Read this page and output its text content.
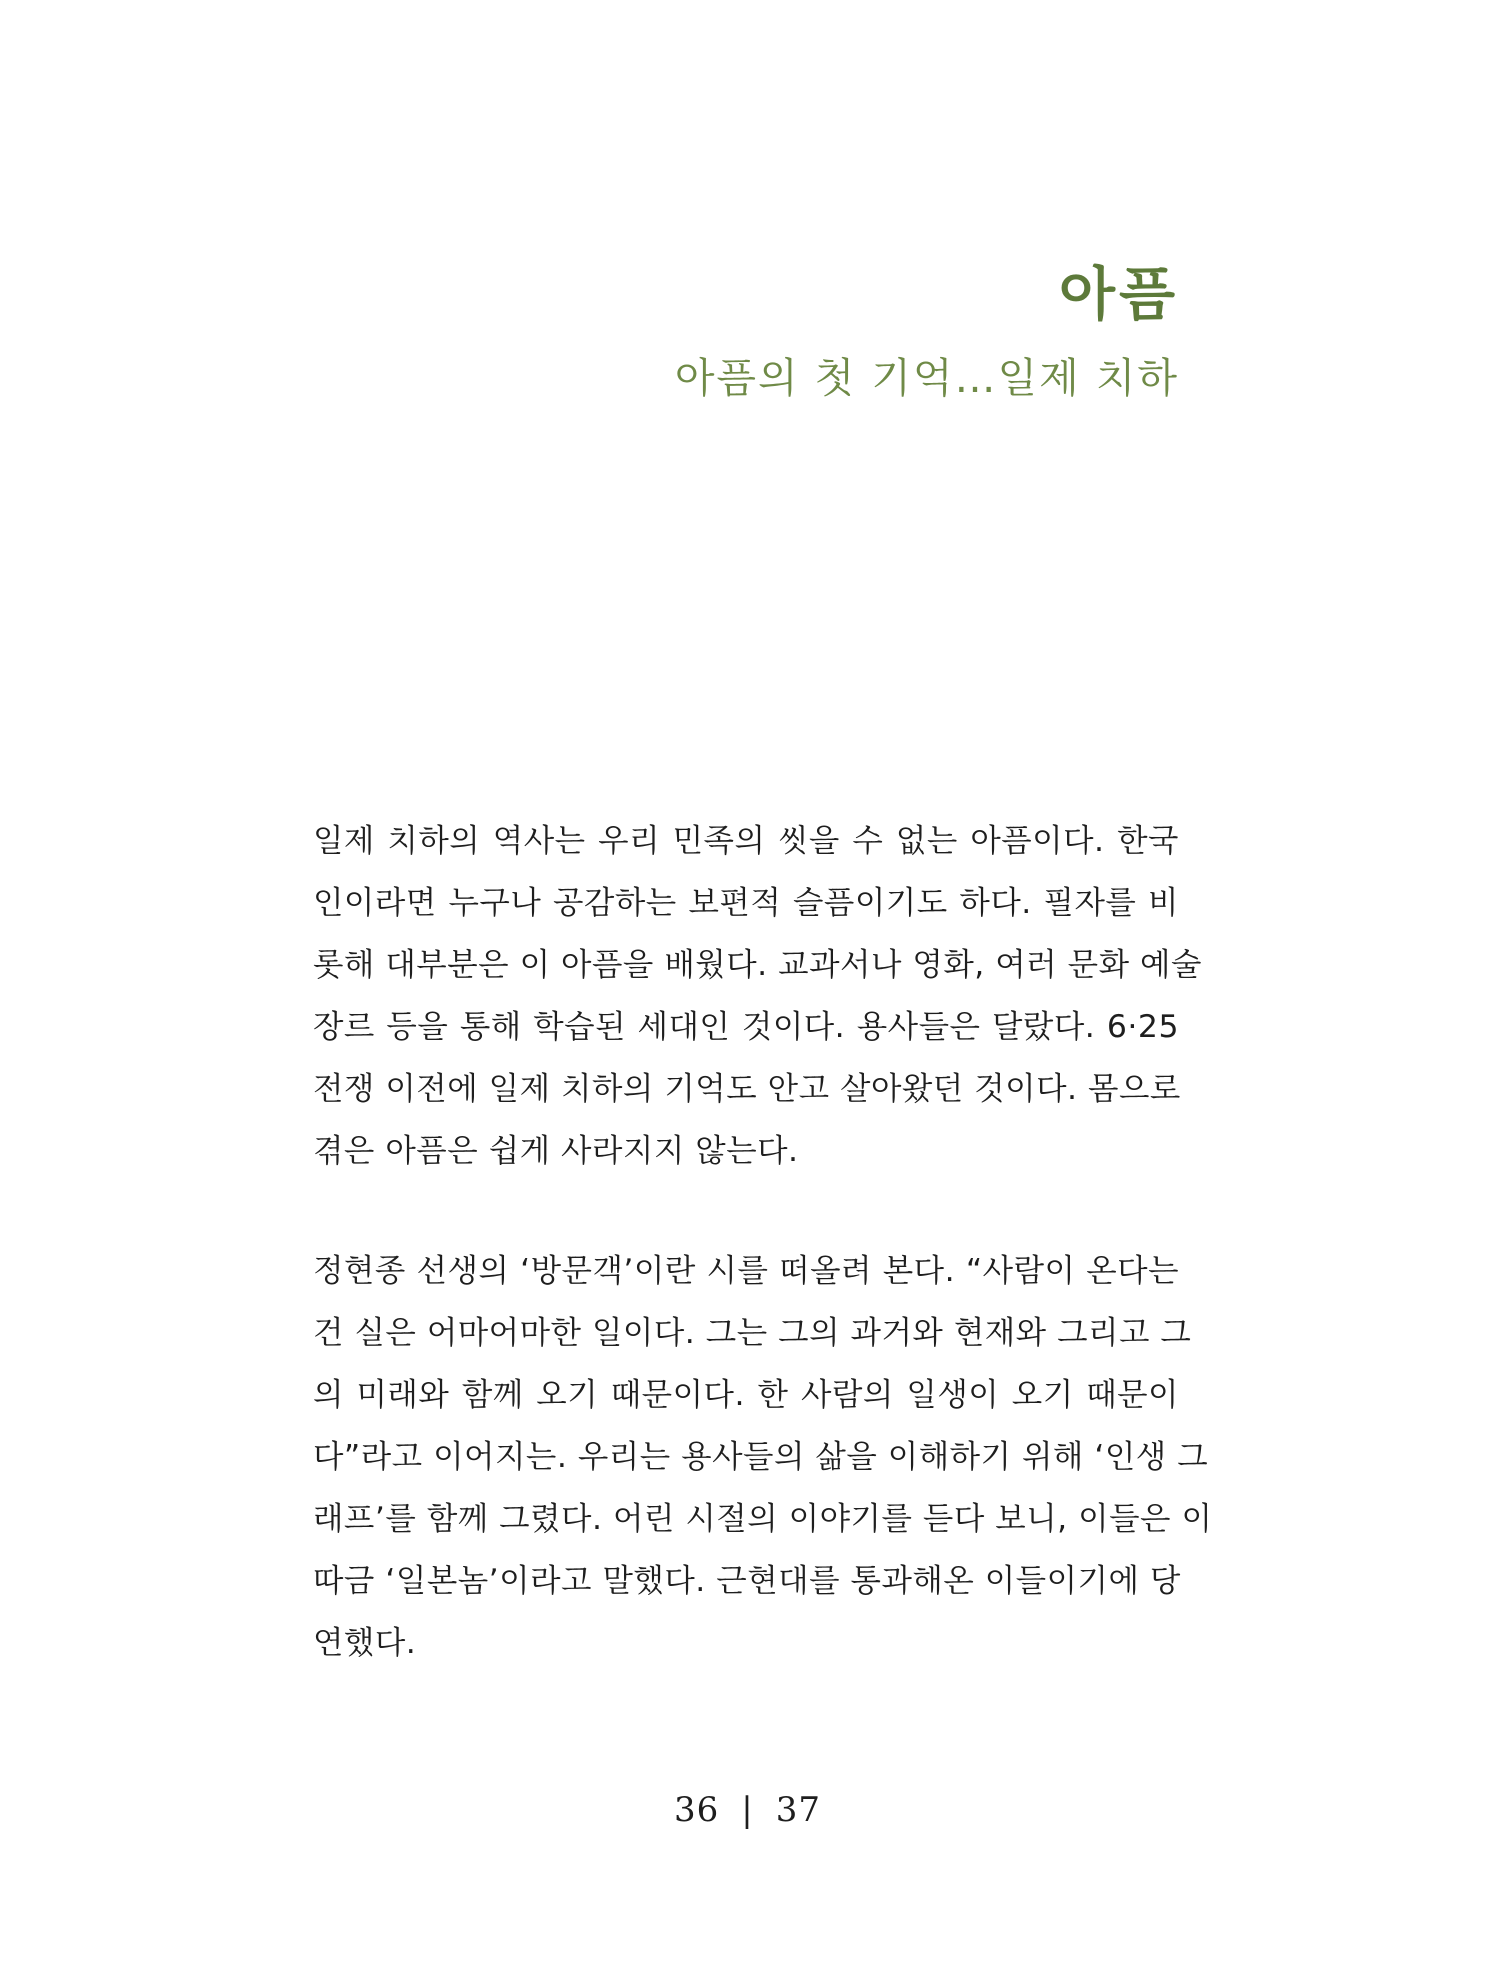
아픔
아픔의 첫 기억…일제 치하

일제 치하의 역사는 우리 민족의 씻을 수 없는 아픔이다. 한국
인이라면 누구나 공감하는 보편적 슬픔이기도 하다. 필자를 비
롯해 대부분은 이 아픔을 배웠다. 교과서나 영화, 여러 문화 예술
장르 등을 통해 학습된 세대인 것이다. 용사들은 달랐다. 6·25
전쟁 이전에 일제 치하의 기억도 안고 살아왔던 것이다. 몸으로
겪은 아픔은 쉽게 사라지지 않는다.

정현종 선생의 ‘방문객’이란 시를 떠올려 본다. “사람이 온다는
건 실은 어마어마한 일이다. 그는 그의 과거와 현재와 그리고 그
의 미래와 함께 오기 때문이다. 한 사람의 일생이 오기 때문이
다”라고 이어지는. 우리는 용사들의 삶을 이해하기 위해 ‘인생 그
래프’를 함께 그렸다. 어린 시절의 이야기를 듣다 보니, 이들은 이
따금 ‘일본놈’이라고 말했다. 근현대를 통과해온 이들이기에 당
연했다.

36 | 37
